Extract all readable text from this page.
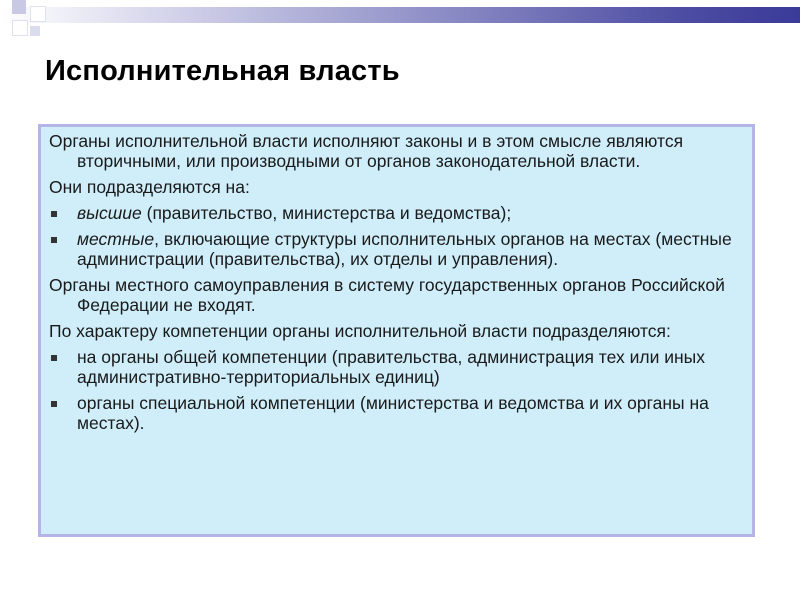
Исполнительная власть

Органы исполнительной власти исполняют законы и в этом смысле являются вторичными, или производными от органов законодательной власти.

Они подразделяются на:

высшие (правительство, министерства и ведомства);
местные, включающие структуры исполнительных органов на местах (местные администрации (правительства), их отделы и управления).

Органы местного самоуправления в систему государственных органов Российской Федерации не входят.

По характеру компетенции органы исполнительной власти подразделяются:

на органы общей компетенции (правительства, администрация тех или иных административно-территориальных единиц)
органы специальной компетенции (министерства и ведомства и их органы на местах).
